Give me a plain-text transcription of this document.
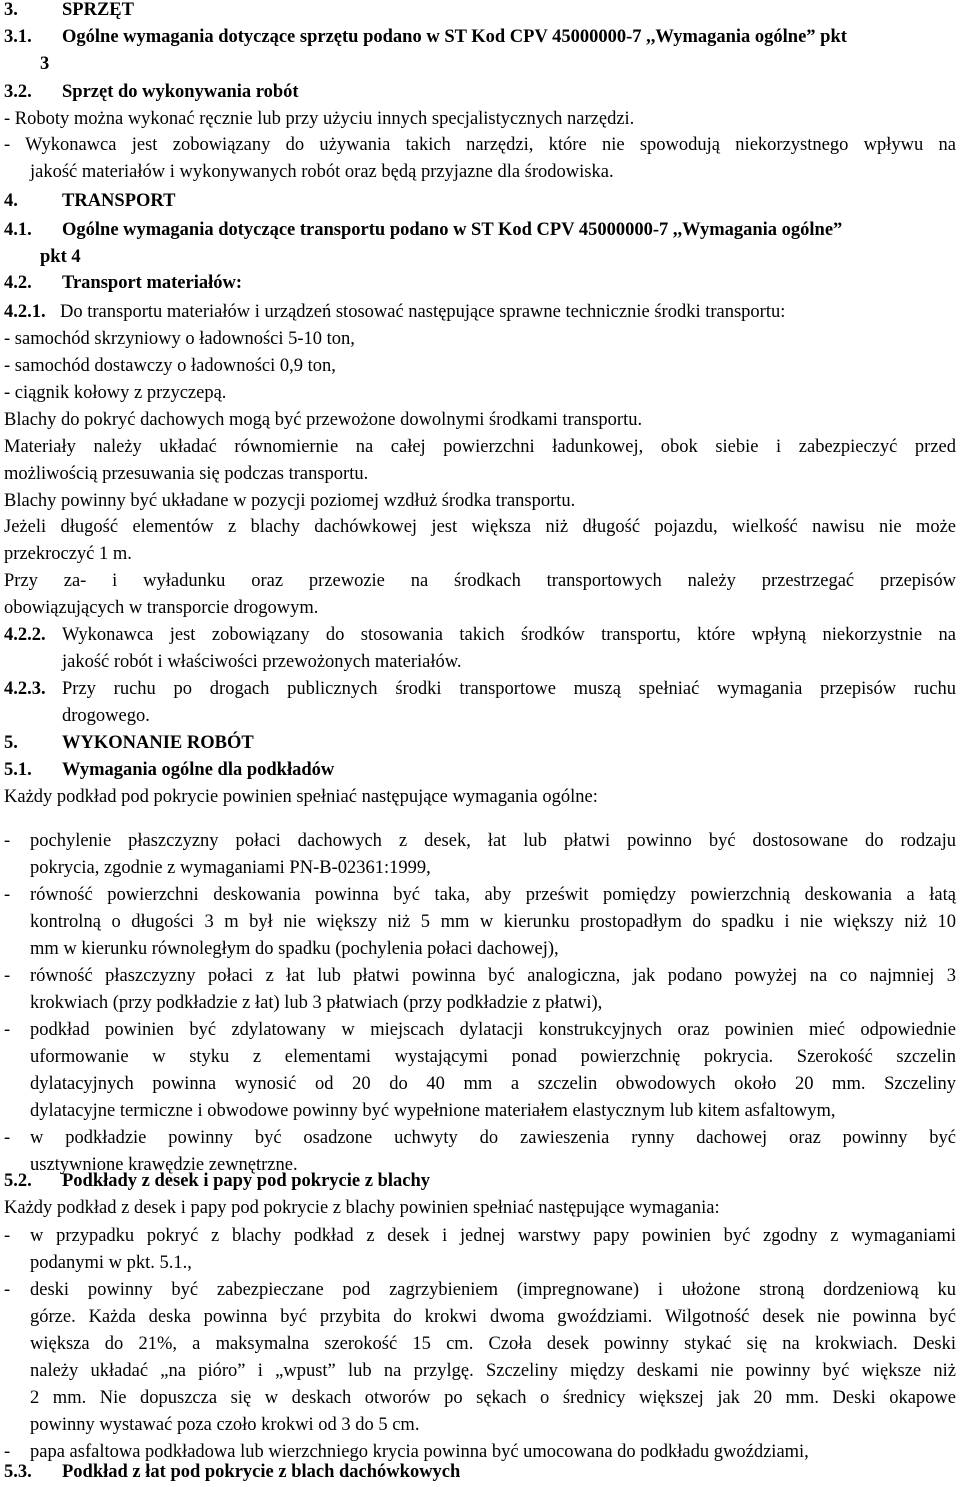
3. SPRZĘT
3.1. Ogólne wymagania dotyczące sprzętu podano w ST Kod CPV 45000000-7 ,,Wymagania ogólne” pkt
3
3.2. Sprzęt do wykonywania robót
- Roboty można wykonać ręcznie lub przy użyciu innych specjalistycznych narzędzi.
- Wykonawca jest zobowiązany do używania takich narzędzi, które nie spowodują niekorzystnego wpływu na
jakość materiałów i wykonywanych robót oraz będą przyjazne dla środowiska.
4. TRANSPORT
4.1. Ogólne wymagania dotyczące transportu podano w ST Kod CPV 45000000-7 ,,Wymagania ogólne”
pkt 4
4.2. Transport materiałów:
4.2.1. Do transportu materiałów i urządzeń stosować następujące sprawne technicznie środki transportu:
- samochód skrzyniowy o ładowności 5-10 ton,
- samochód dostawczy o ładowności 0,9 ton,
- ciągnik kołowy z przyczepą.
Blachy do pokryć dachowych mogą być przewożone dowolnymi środkami transportu.
Materiały należy układać równomiernie na całej powierzchni ładunkowej, obok siebie i zabezpieczyć przed
możliwością przesuwania się podczas transportu.
Blachy powinny być układane w pozycji poziomej wzdłuż środka transportu.
Jeżeli długość elementów z blachy dachówkowej jest większa niż długość pojazdu, wielkość nawisu nie może
przekroczyć 1 m.
Przy za- i wyładunku oraz przewozie na środkach transportowych należy przestrzegać przepisów
obowiązujących w transporcie drogowym.
4.2.2. Wykonawca jest zobowiązany do stosowania takich środków transportu, które wpłyną niekorzystnie na
jakość robót i właściwości przewożonych materiałów.
4.2.3. Przy ruchu po drogach publicznych środki transportowe muszą spełniać wymagania przepisów ruchu
drogowego.
5. WYKONANIE ROBÓT
5.1. Wymagania ogólne dla podkładów
Każdy podkład pod pokrycie powinien spełniać następujące wymagania ogólne:
-	pochylenie płaszczyzny połaci dachowych z desek, łat lub płatwi powinno być dostosowane do rodzaju
pokrycia, zgodnie z wymaganiami PN-B-02361:1999,
-	równość powierzchni deskowania powinna być taka, aby prześwit pomiędzy powierzchnią deskowania a łatą
kontrolną o długości 3 m był nie większy niż 5 mm w kierunku prostopadłym do spadku i nie większy niż 10
mm w kierunku równoległym do spadku (pochylenia połaci dachowej),
-	równość płaszczyzny połaci z łat lub płatwi powinna być analogiczna, jak podano powyżej na co najmniej 3
krokwiach (przy podkładzie z łat) lub 3 płatwiach (przy podkładzie z płatwi),
-	podkład powinien być zdylatowany w miejscach dylatacji konstrukcyjnych oraz powinien mieć odpowiednie
uformowanie w styku z elementami wystającymi ponad powierzchnię pokrycia. Szerokość szczelin
dylatacyjnych powinna wynosić od 20 do 40 mm a szczelin obwodowych około 20 mm. Szczeliny
dylatacyjne termiczne i obwodowe powinny być wypełnione materiałem elastycznym lub kitem asfaltowym,
-	w podkładzie powinny być osadzone uchwyty do zawieszenia rynny dachowej oraz powinny być
usztywnione krawędzie zewnętrzne.
5.2. Podkłady z desek i papy pod pokrycie z blachy
Każdy podkład z desek i papy pod pokrycie z blachy powinien spełniać następujące wymagania:
-	w przypadku pokryć z blachy podkład z desek i jednej warstwy papy powinien być zgodny z wymaganiami
podanymi w pkt. 5.1.,
-	deski powinny być zabezpieczane pod zagrzybieniem (impregnowane) i ułożone stroną dordzeniową ku
górze. Każda deska powinna być przybita do krokwi dwoma gwoździami. Wilgotność desek nie powinna być
większa do 21%, a maksymalna szerokość 15 cm. Czoła desek powinny stykać się na krokwiach. Deski
należy układać „na pióro” i „wpust” lub na przylgę. Szczeliny między deskami nie powinny być większe niż
2 mm. Nie dopuszcza się w deskach otworów po sękach o średnicy większej jak 20 mm. Deski okapowe
powinny wystawać poza czoło krokwi od 3 do 5 cm.
-	papa asfaltowa podkładowa lub wierzchniego krycia powinna być umocowana do podkładu gwoździami,
5.3. Podkład z łat pod pokrycie z blach dachówkowych
